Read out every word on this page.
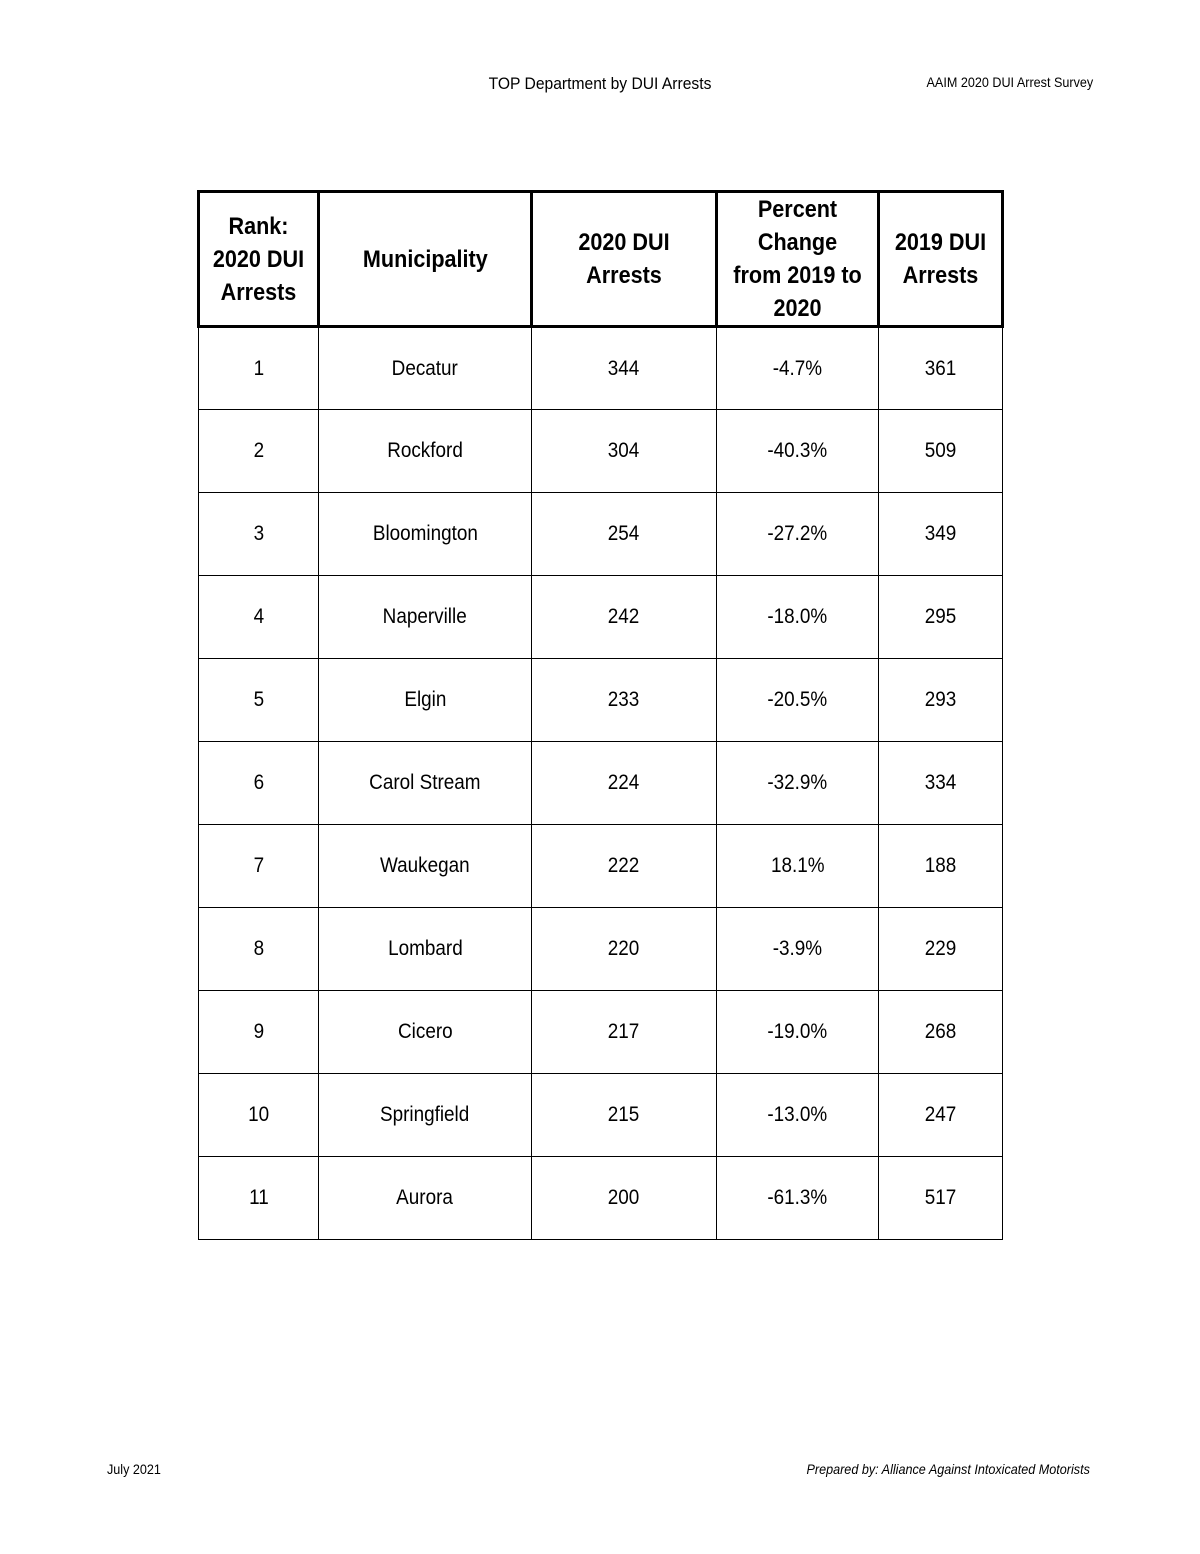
TOP Department by DUI Arrests	AAIM 2020 DUI Arrest Survey
Rank: 2020 DUI Arrests	Municipality	2020 DUI Arrests	Percent Change from 2019 to 2020	2019 DUI Arrests
1	Decatur	344	-4.7%	361
2	Rockford	304	-40.3%	509
3	Bloomington	254	-27.2%	349
4	Naperville	242	-18.0%	295
5	Elgin	233	-20.5%	293
6	Carol Stream	224	-32.9%	334
7	Waukegan	222	18.1%	188
8	Lombard	220	-3.9%	229
9	Cicero	217	-19.0%	268
10	Springfield	215	-13.0%	247
11	Aurora	200	-61.3%	517
July 2021	Prepared by: Alliance Against Intoxicated Motorists
